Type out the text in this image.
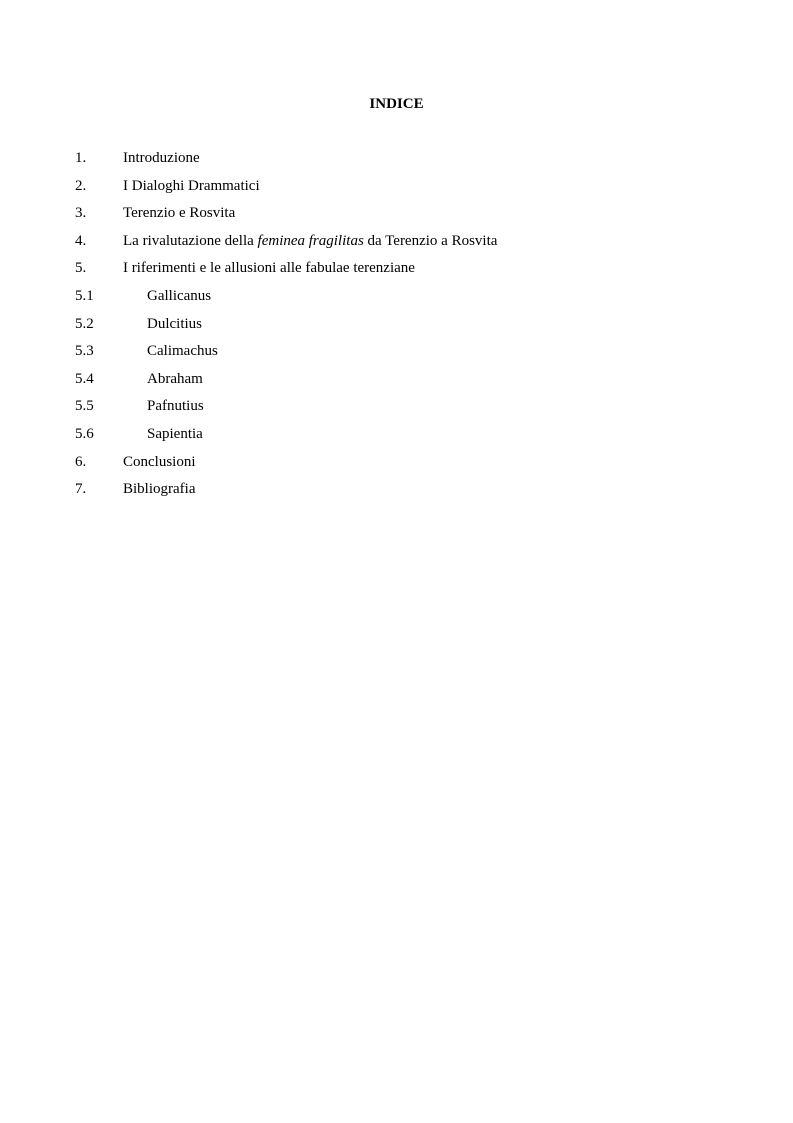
INDICE
1. Introduzione
2. I Dialoghi Drammatici
3. Terenzio e Rosvita
4. La rivalutazione della feminea fragilitas da Terenzio a Rosvita
5. I riferimenti e le allusioni alle fabulae terenziane
5.1	Gallicanus
5.2	Dulcitius
5.3	Calimachus
5.4	Abraham
5.5	Pafnutius
5.6	Sapientia
6. Conclusioni
7. Bibliografia
